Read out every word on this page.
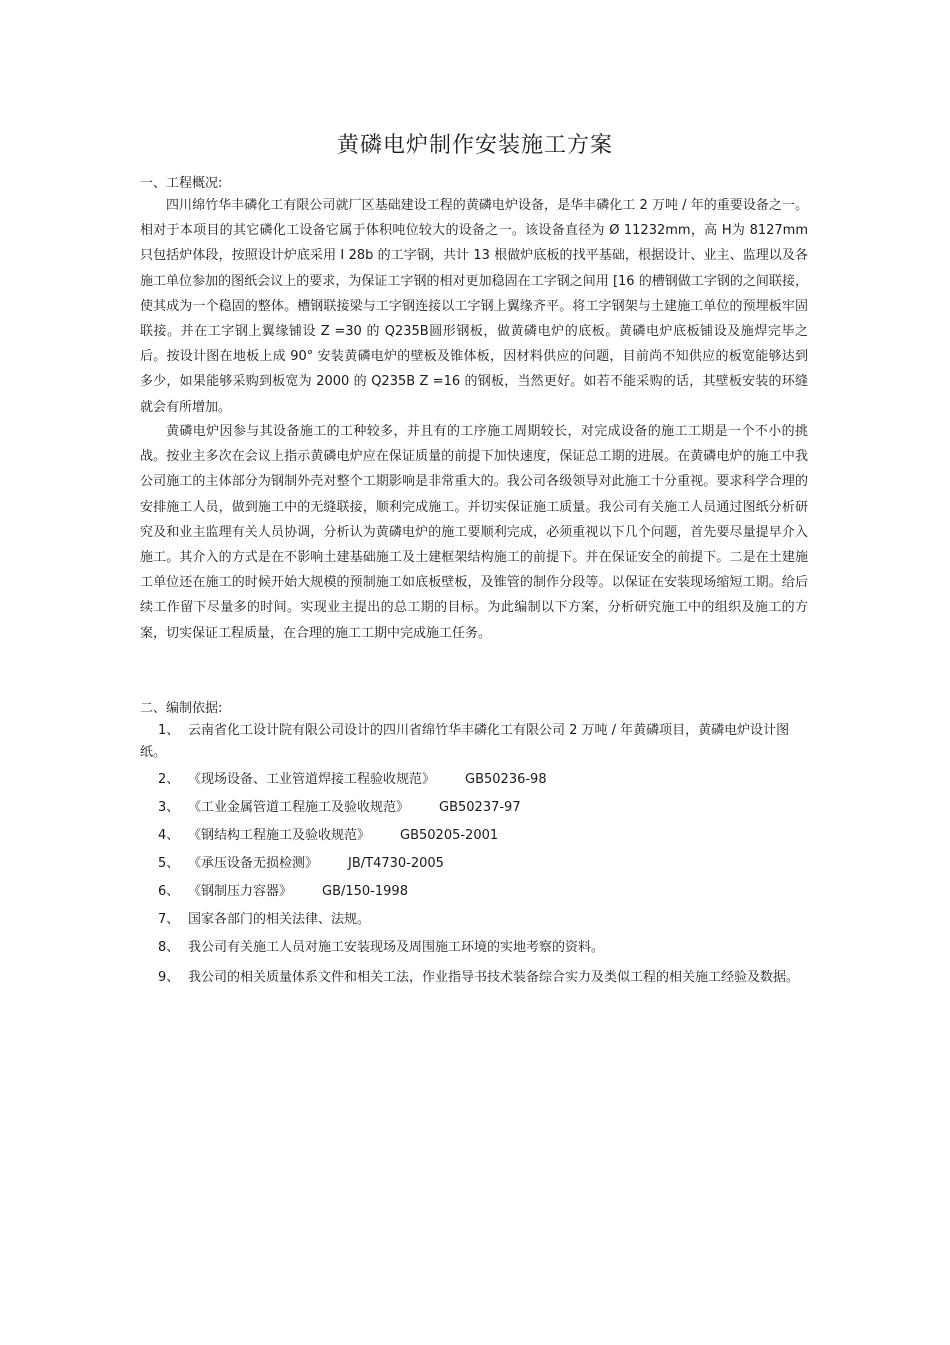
黄磷电炉制作安装施工方案
一、工程概况:

四川绵竹华丰磷化工有限公司就厂区基础建设工程的黄磷电炉设备，是华丰磷化工 2 万吨 / 年的重要设备之一。相对于本项目的其它磷化工设备它属于体积吨位较大的设备之一。该设备直径为 Ø 11232mm，高 H为 8127mm只包括炉体段，按照设计炉底采用 Ⅰ 28b 的工字钢，共计 13 根做炉底板的找平基础，根据设计、业主、监理以及各施工单位参加的图纸会议上的要求，为保证工字钢的相对更加稳固在工字钢之间用 [16 的槽钢做工字钢的之间联接，使其成为一个稳固的整体。槽钢联接梁与工字钢连接以工字钢上翼缘齐平。将工字钢架与土建施工单位的预埋板牢固联接。并在工字钢上翼缘铺设 Z =30 的 Q235B圆形钢板，做黄磷电炉的底板。黄磷电炉底板铺设及施焊完毕之后。按设计图在地板上成 90° 安装黄磷电炉的壁板及锥体板，因材料供应的问题，目前尚不知供应的板宽能够达到多少，如果能够采购到板宽为 2000 的 Q235B Z =16 的钢板，当然更好。如若不能采购的话，其壁板安装的环缝就会有所增加。

黄磷电炉因参与其设备施工的工种较多，并且有的工序施工周期较长，对完成设备的施工工期是一个不小的挑战。按业主多次在会议上指示黄磷电炉应在保证质量的前提下加快速度，保证总工期的进展。在黄磷电炉的施工中我公司施工的主体部分为钢制外壳对整个工期影响是非常重大的。我公司各级领导对此施工十分重视。要求科学合理的安排施工人员，做到施工中的无缝联接，顺利完成施工。并切实保证施工质量。我公司有关施工人员通过图纸分析研究及和业主监理有关人员协调，分析认为黄磷电炉的施工要顺利完成，必须重视以下几个问题，首先要尽量提早介入施工。其介入的方式是在不影响土建基础施工及土建框架结构施工的前提下。并在保证安全的前提下。二是在土建施工单位还在施工的时候开始大规模的预制施工如底板壁板，及锥管的制作分段等。以保证在安装现场缩短工期。给后续工作留下尽量多的时间。实现业主提出的总工期的目标。为此编制以下方案，分析研究施工中的组织及施工的方案，切实保证工程质量，在合理的施工工期中完成施工任务。

二、编制依据:
1、 云南省化工设计院有限公司设计的四川省绵竹华丰磷化工有限公司 2 万吨 / 年黄磷项目，黄磷电炉设计图纸。
2、 《现场设备、工业管道焊接工程验收规范》 GB50236-98
3、 《工业金属管道工程施工及验收规范》 GB50237-97
4、 《钢结构工程施工及验收规范》 GB50205-2001
5、 《承压设备无损检测》 JB/T4730-2005
6、 《钢制压力容器》 GB/150-1998
7、 国家各部门的相关法律、法规。
8、 我公司有关施工人员对施工安装现场及周围施工环境的实地考察的资料。
9、 我公司的相关质量体系文件和相关工法，作业指导书技术装备综合实力及类似工程的相关施工经验及数据。
